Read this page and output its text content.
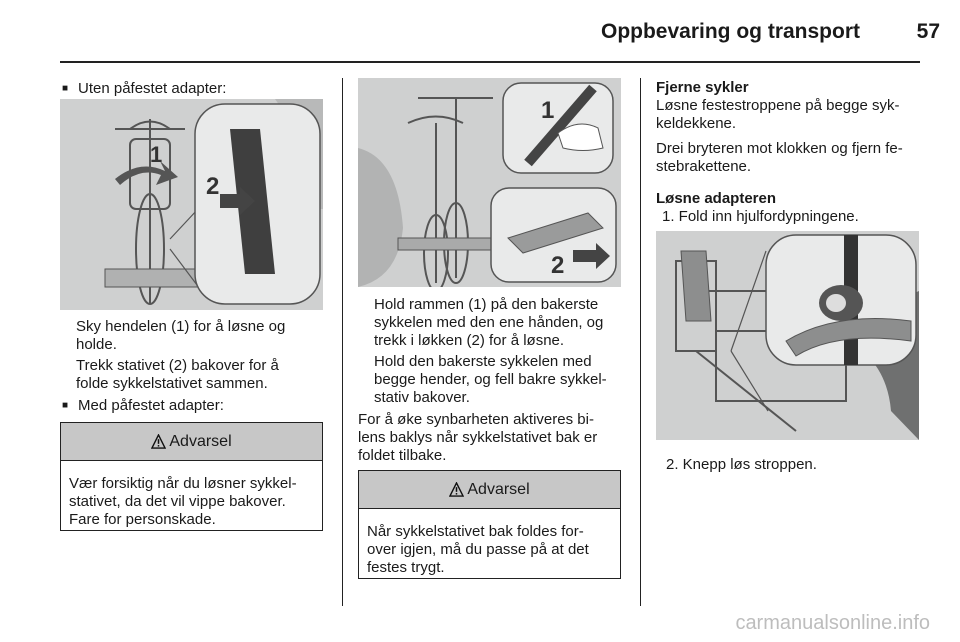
Oppbevaring og transport	57
■ Uten påfestet adapter:
1
2
Sky hendelen (1) for å løsne og
holde.
Trekk stativet (2) bakover for å
folde sykkelstativet sammen.
■ Med påfestet adapter:
Advarsel
Vær forsiktig når du løsner sykkel-
stativet, da det vil vippe bakover.
Fare for personskade.
1
2
Hold rammen (1) på den bakerste
sykkelen med den ene hånden, og
trekk i løkken (2) for å løsne.
Hold den bakerste sykkelen med
begge hender, og fell bakre sykkel-
stativ bakover.
For å øke synbarheten aktiveres bi-
lens baklys når sykkelstativet bak er
foldet tilbake.
Advarsel
Når sykkelstativet bak foldes for-
over igjen, må du passe på at det
festes trygt.
Fjerne sykler
Løsne festestroppene på begge syk-
keldekkene.
Drei bryteren mot klokken og fjern fe-
stebrakettene.
Løsne adapteren
1. Fold inn hjulfordypningene.
2. Knepp løs stroppen.
carmanualsonline.info
